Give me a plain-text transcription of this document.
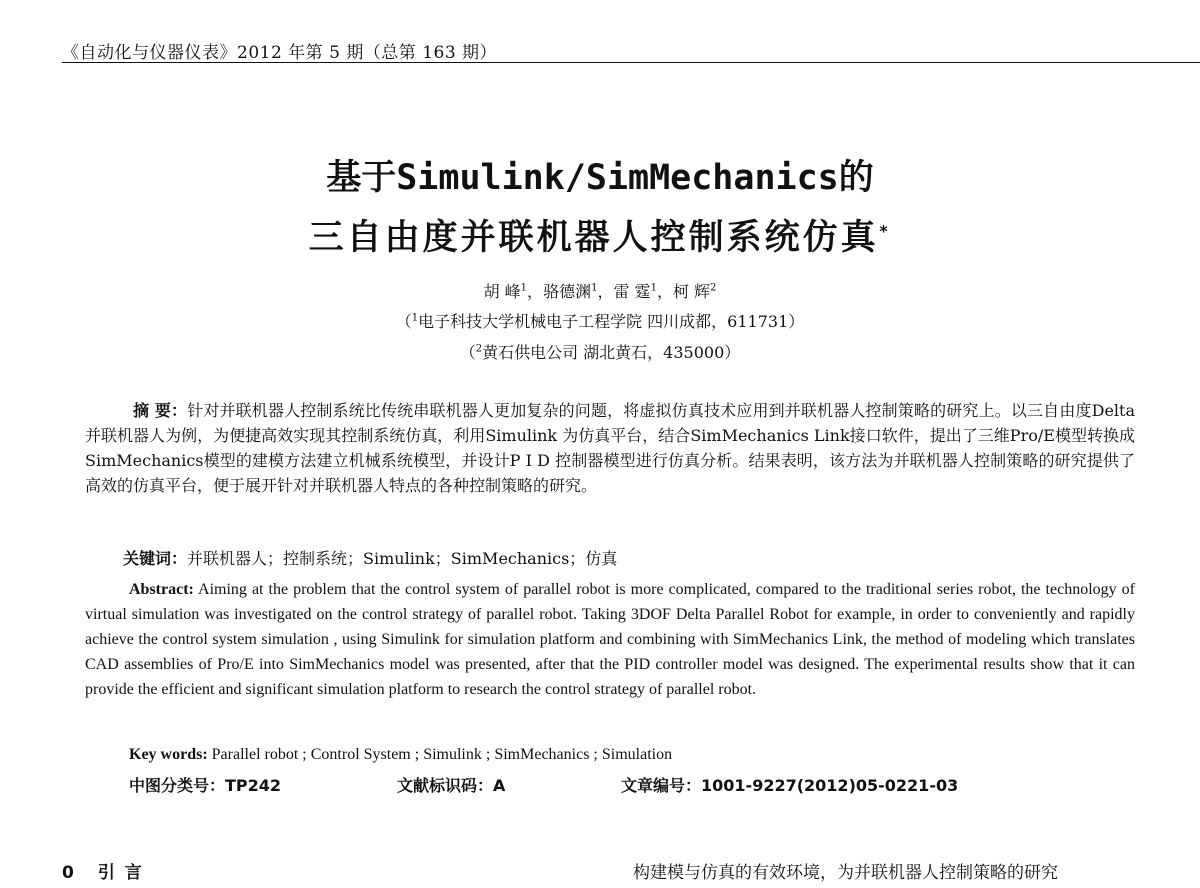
《自动化与仪器仪表》2012 年第 5 期（总第 163 期）
基于Simulink/SimMechanics的
三自由度并联机器人控制系统仿真*
胡 峰$^1$，骆德渊$^1$，雷 霆$^1$，柯 辉$^2$
（$^1$电子科技大学机械电子工程学院 四川成都，611731）
（$^2$黄石供电公司 湖北黄石，435000）
摘 要：针对并联机器人控制系统比传统串联机器人更加复杂的问题，将虚拟仿真技术应用到并联机器人控制策略的研究上。以三自由度Delta 并联机器人为例，为便捷高效实现其控制系统仿真，利用Simulink 为仿真平台，结合SimMechanics Link接口软件，提出了三维Pro/E模型转换成SimMechanics模型的建模方法建立机械系统模型，并设计P I D 控制器模型进行仿真分析。结果表明，该方法为并联机器人控制策略的研究提供了高效的仿真平台，便于展开针对并联机器人特点的各种控制策略的研究。
关键词：并联机器人；控制系统；Simulink；SimMechanics；仿真
Abstract: Aiming at the problem that the control system of parallel robot is more complicated, compared to the traditional series robot, the technology of virtual simulation was investigated on the control strategy of parallel robot. Taking 3DOF Delta Parallel Robot for example, in order to conveniently and rapidly achieve the control system simulation , using Simulink for simulation platform and combining with SimMechanics Link, the method of modeling which translates CAD assemblies of Pro/E into SimMechanics model was presented, after that the PID controller model was designed. The experimental results show that it can provide the efficient and significant simulation platform to research the control strategy of parallel robot.
Key words: Parallel robot ; Control System ; Simulink ; SimMechanics ; Simulation
中图分类号：TP242	文献标识码：A	文章编号：1001-9227(2012)05-0221-03
0 引 言	构建模与仿真的有效环境，为并联机器人控制策略的研究
